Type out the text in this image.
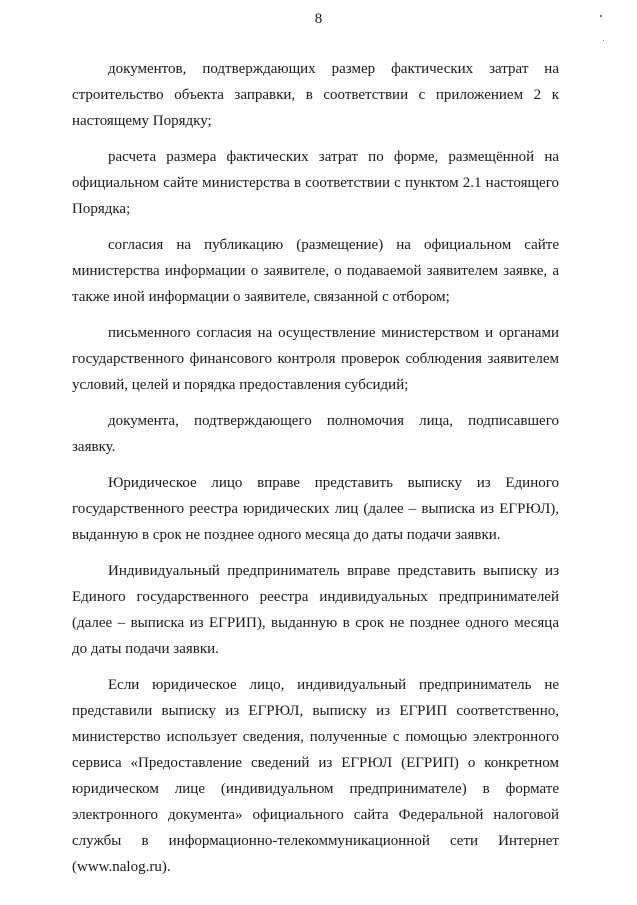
8

документов, подтверждающих размер фактических затрат на строительство объекта заправки, в соответствии с приложением 2 к настоящему Порядку;

расчета размера фактических затрат по форме, размещённой на официальном сайте министерства в соответствии с пунктом 2.1 настоящего Порядка;

согласия на публикацию (размещение) на официальном сайте министерства информации о заявителе, о подаваемой заявителем заявке, а также иной информации о заявителе, связанной с отбором;

письменного согласия на осуществление министерством и органами государственного финансового контроля проверок соблюдения заявителем условий, целей и порядка предоставления субсидий;

документа, подтверждающего полномочия лица, подписавшего заявку.

Юридическое лицо вправе представить выписку из Единого государственного реестра юридических лиц (далее – выписка из ЕГРЮЛ), выданную в срок не позднее одного месяца до даты подачи заявки.

Индивидуальный предприниматель вправе представить выписку из Единого государственного реестра индивидуальных предпринимателей (далее – выписка из ЕГРИП), выданную в срок не позднее одного месяца до даты подачи заявки.

Если юридическое лицо, индивидуальный предприниматель не представили выписку из ЕГРЮЛ, выписку из ЕГРИП соответственно, министерство использует сведения, полученные с помощью электронного сервиса «Предоставление сведений из ЕГРЮЛ (ЕГРИП) о конкретном юридическом лице (индивидуальном предпринимателе) в формате электронного документа» официального сайта Федеральной налоговой службы в информационно-телекоммуникационной сети Интернет (www.nalog.ru).
